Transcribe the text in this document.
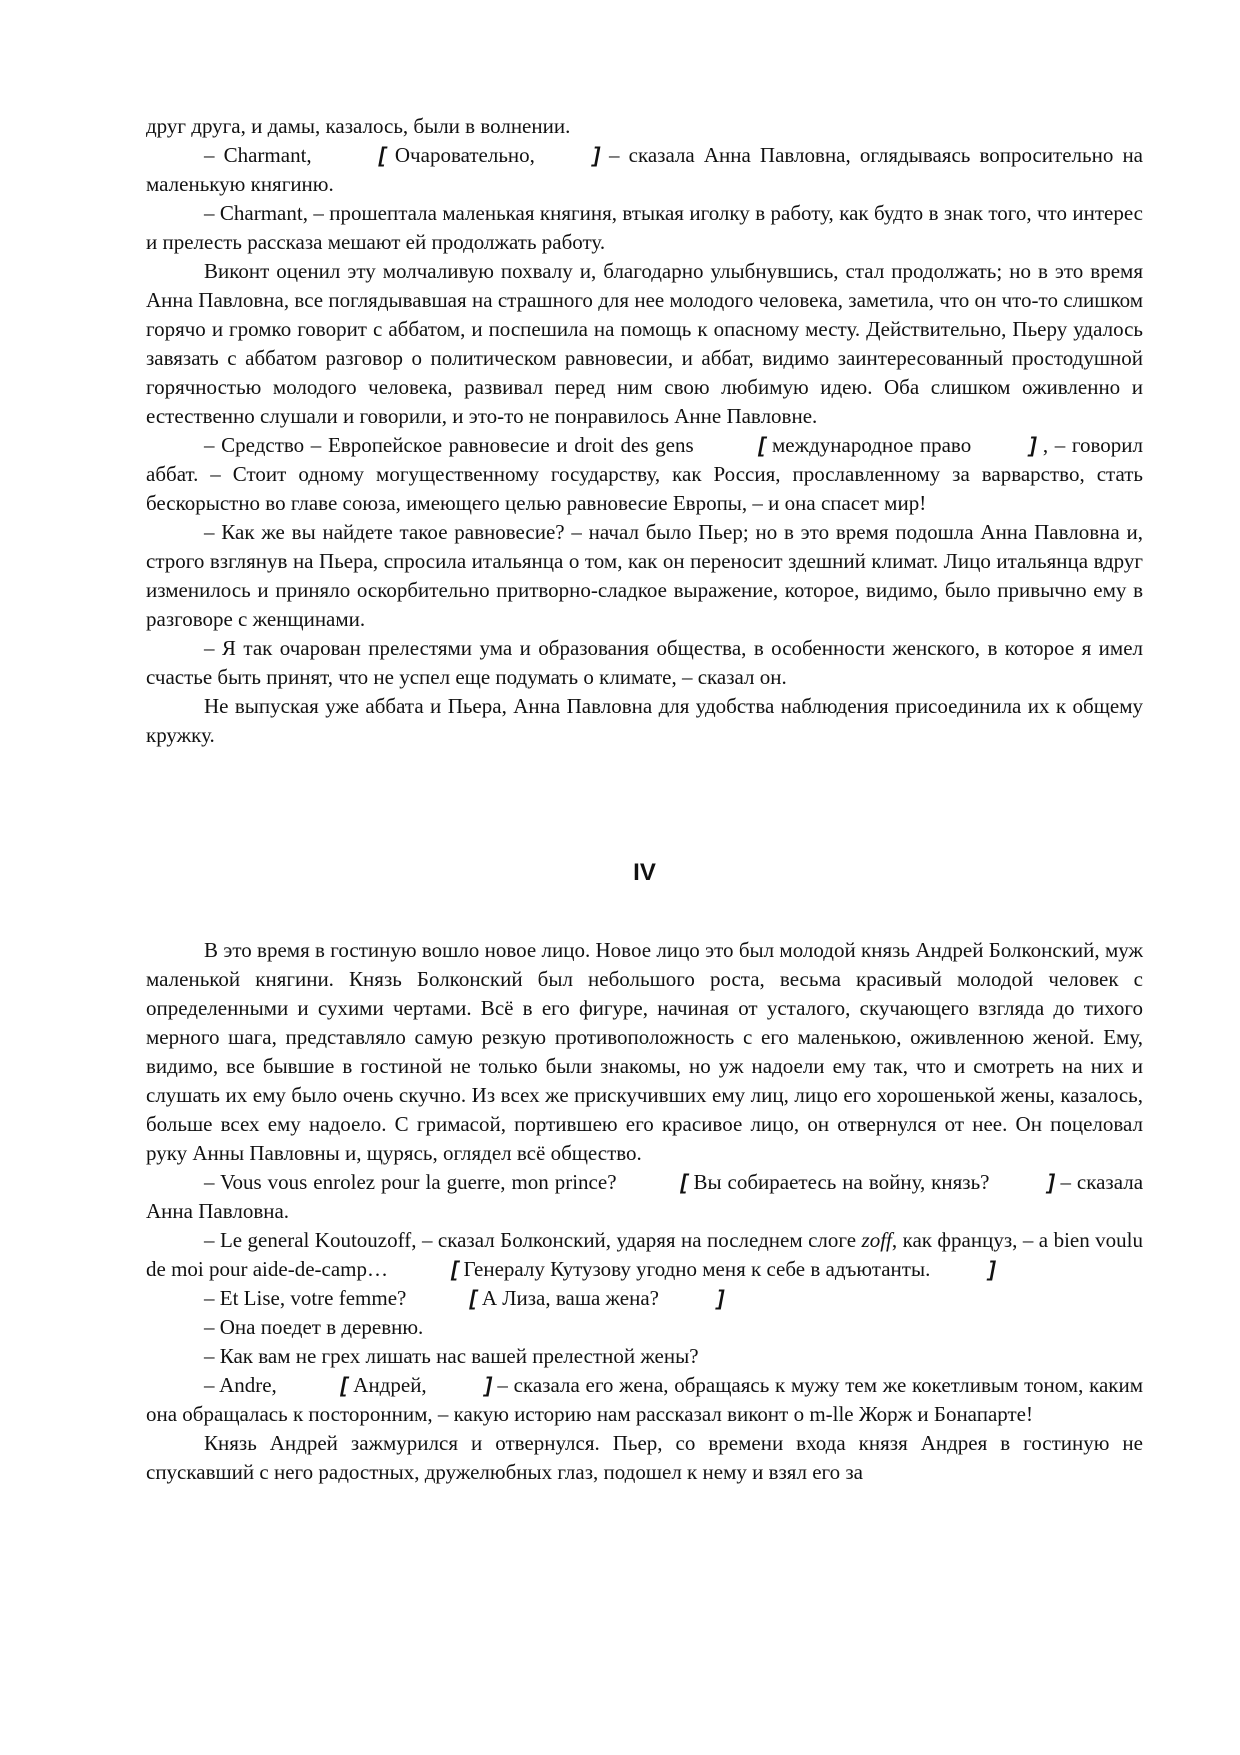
друг друга, и дамы, казалось, были в волнении.

– Charmant,	[ Очаровательно,	] – сказала Анна Павловна, оглядываясь вопросительно на маленькую княгиню.

– Charmant, – прошептала маленькая княгиня, втыкая иголку в работу, как будто в знак того, что интерес и прелесть рассказа мешают ей продолжать работу.

Виконт оценил эту молчаливую похвалу и, благодарно улыбнувшись, стал продолжать; но в это время Анна Павловна, все поглядывавшая на страшного для нее молодого человека, заметила, что он что-то слишком горячо и громко говорит с аббатом, и поспешила на помощь к опасному месту. Действительно, Пьеру удалось завязать с аббатом разговор о политическом равновесии, и аббат, видимо заинтересованный простодушной горячностью молодого человека, развивал перед ним свою любимую идею. Оба слишком оживленно и естественно слушали и говорили, и это-то не понравилось Анне Павловне.

– Средство – Европейское равновесие и droit des gens	[ международное право	] , – говорил аббат. – Стоит одному могущественному государству, как Россия, прославленному за варварство, стать бескорыстно во главе союза, имеющего целью равновесие Европы, – и она спасет мир!

– Как же вы найдете такое равновесие? – начал было Пьер; но в это время подошла Анна Павловна и, строго взглянув на Пьера, спросила итальянца о том, как он переносит здешний климат. Лицо итальянца вдруг изменилось и приняло оскорбительно притворно-сладкое выражение, которое, видимо, было привычно ему в разговоре с женщинами.

– Я так очарован прелестями ума и образования общества, в особенности женского, в которое я имел счастье быть принят, что не успел еще подумать о климате, – сказал он.

Не выпуская уже аббата и Пьера, Анна Павловна для удобства наблюдения присоединила их к общему кружку.

IV

В это время в гостиную вошло новое лицо. Новое лицо это был молодой князь Андрей Болконский, муж маленькой княгини. Князь Болконский был небольшого роста, весьма красивый молодой человек с определенными и сухими чертами. Всё в его фигуре, начиная от усталого, скучающего взгляда до тихого мерного шага, представляло самую резкую противоположность с его маленькою, оживленною женой. Ему, видимо, все бывшие в гостиной не только были знакомы, но уж надоели ему так, что и смотреть на них и слушать их ему было очень скучно. Из всех же прискучивших ему лиц, лицо его хорошенькой жены, казалось, больше всех ему надоело. С гримасой, портившею его красивое лицо, он отвернулся от нее. Он поцеловал руку Анны Павловны и, щурясь, оглядел всё общество.

– Vous vous enrolez pour la guerre, mon prince?	[ Вы собираетесь на войну, князь?	] – сказала Анна Павловна.

– Le general Koutouzoff, – сказал Болконский, ударяя на последнем слоге zoff, как француз, – a bien voulu de moi pour aide-de-camp…	[ Генералу Кутузову угодно меня к себе в адъютанты.	]

– Et Lise, votre femme?	[ А Лиза, ваша жена?	]

– Она поедет в деревню.

– Как вам не грех лишать нас вашей прелестной жены?

– Andre,	[ Андрей,	] – сказала его жена, обращаясь к мужу тем же кокетливым тоном, каким она обращалась к посторонним, – какую историю нам рассказал виконт о m-lle Жорж и Бонапарте!

Князь Андрей зажмурился и отвернулся. Пьер, со времени входа князя Андрея в гостиную не спускавший с него радостных, дружелюбных глаз, подошел к нему и взял его за
